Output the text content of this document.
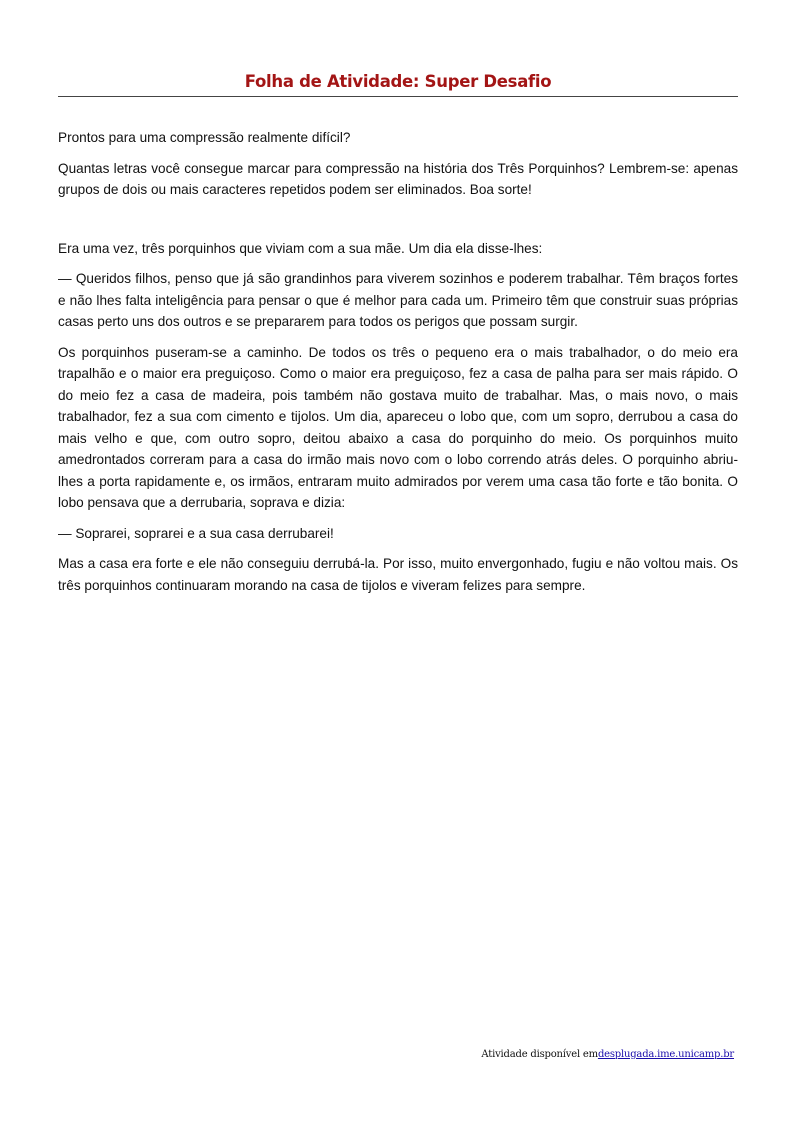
Folha de Atividade: Super Desafio

Prontos para uma compressão realmente difícil?

Quantas letras você consegue marcar para compressão na história dos Três Porquinhos? Lembrem-se: apenas grupos de dois ou mais caracteres repetidos podem ser eliminados. Boa sorte!

Era uma vez, três porquinhos que viviam com a sua mãe. Um dia ela disse-lhes:

— Queridos filhos, penso que já são grandinhos para viverem sozinhos e poderem trabalhar. Têm braços fortes e não lhes falta inteligência para pensar o que é melhor para cada um. Primeiro têm que construir suas próprias casas perto uns dos outros e se prepararem para todos os perigos que possam surgir.

Os porquinhos puseram-se a caminho. De todos os três o pequeno era o mais trabalhador, o do meio era trapalhão e o maior era preguiçoso. Como o maior era preguiçoso, fez a casa de palha para ser mais rápido. O do meio fez a casa de madeira, pois também não gostava muito de trabalhar. Mas, o mais novo, o mais trabalhador, fez a sua com cimento e tijolos. Um dia, apareceu o lobo que, com um sopro, derrubou a casa do mais velho e que, com outro sopro, deitou abaixo a casa do porquinho do meio. Os porquinhos muito amedrontados correram para a casa do irmão mais novo com o lobo correndo atrás deles. O porquinho abriu-lhes a porta rapidamente e, os irmãos, entraram muito admirados por verem uma casa tão forte e tão bonita. O lobo pensava que a derrubaria, soprava e dizia:

— Soprarei, soprarei e a sua casa derrubarei!

Mas a casa era forte e ele não conseguiu derrubá-la. Por isso, muito envergonhado, fugiu e não voltou mais. Os três porquinhos continuaram morando na casa de tijolos e viveram felizes para sempre.

Atividade disponível emdesplugada.ime.unicamp.br
